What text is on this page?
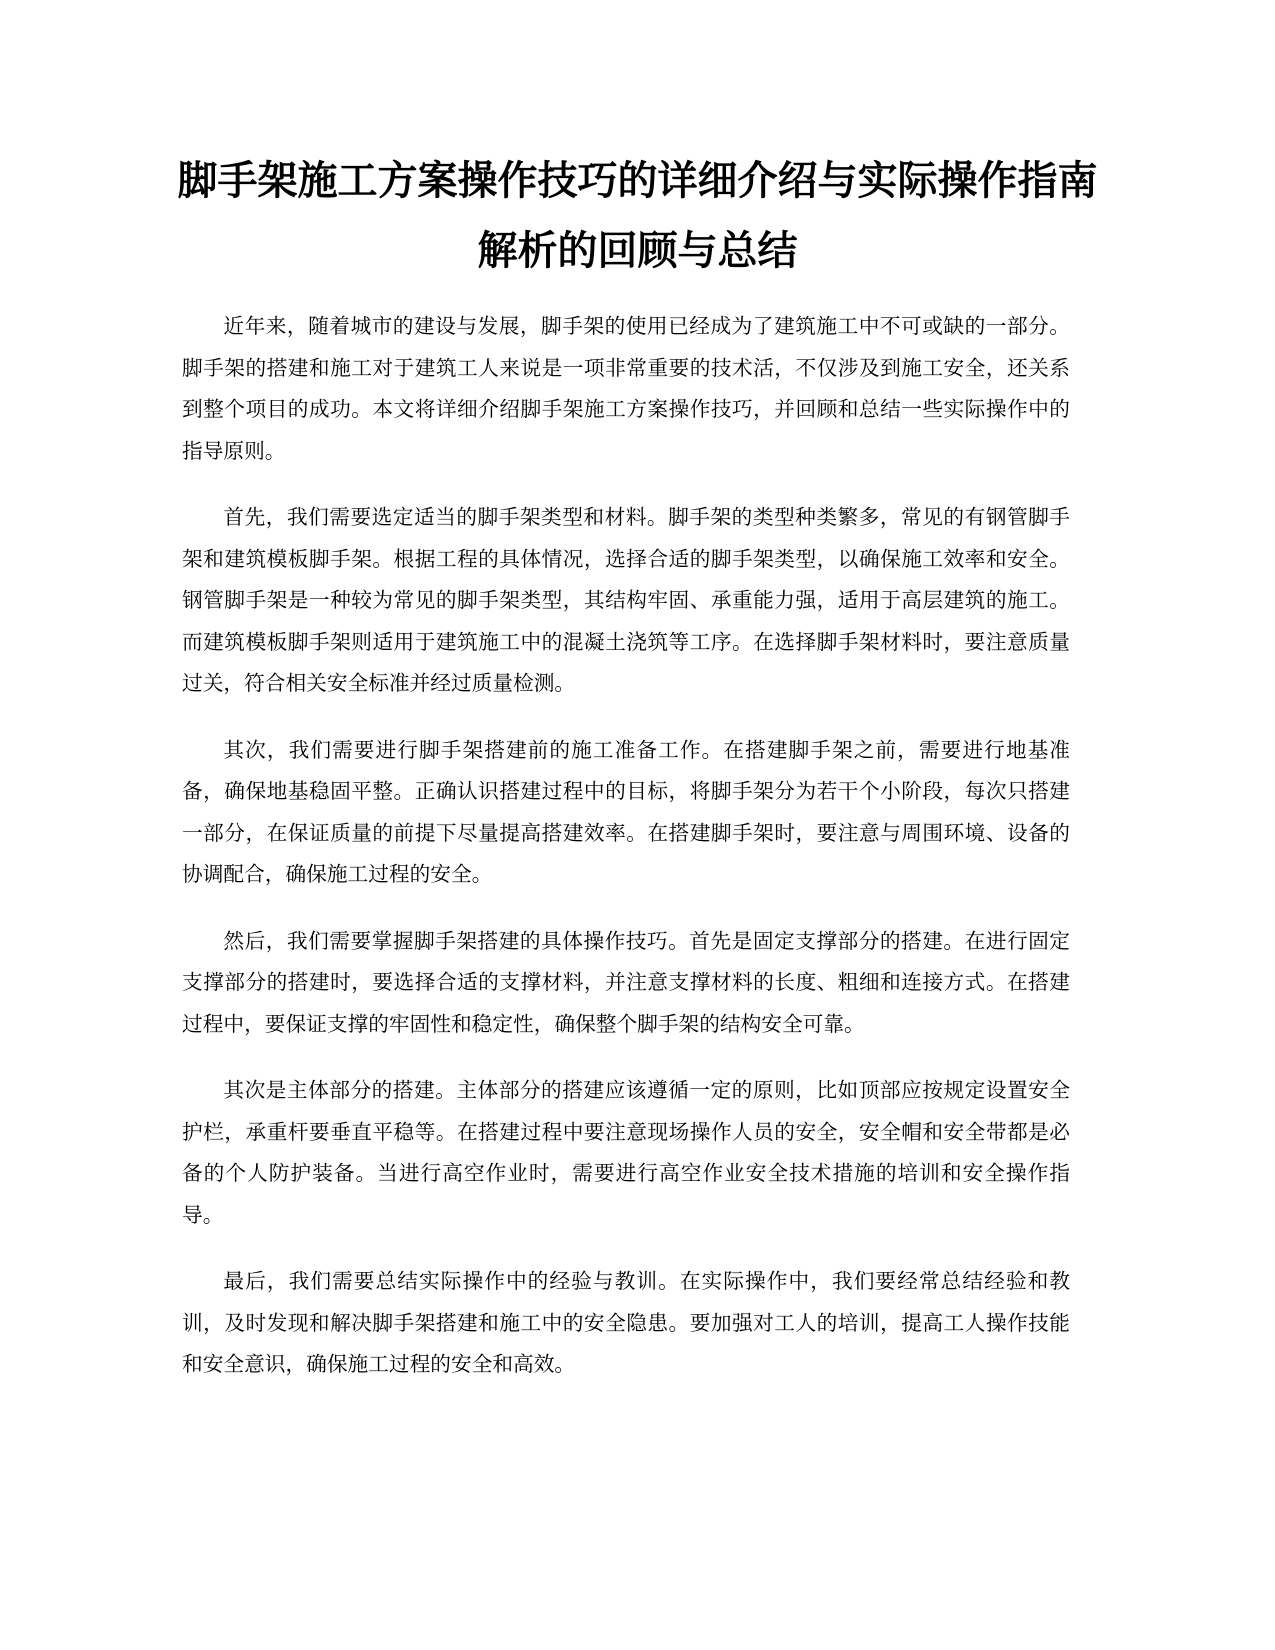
脚手架施工方案操作技巧的详细介绍与实际操作指南解析的回顾与总结

近年来，随着城市的建设与发展，脚手架的使用已经成为了建筑施工中不可或缺的一部分。脚手架的搭建和施工对于建筑工人来说是一项非常重要的技术活，不仅涉及到施工安全，还关系到整个项目的成功。本文将详细介绍脚手架施工方案操作技巧，并回顾和总结一些实际操作中的指导原则。

首先，我们需要选定适当的脚手架类型和材料。脚手架的类型种类繁多，常见的有钢管脚手架和建筑模板脚手架。根据工程的具体情况，选择合适的脚手架类型，以确保施工效率和安全。钢管脚手架是一种较为常见的脚手架类型，其结构牢固、承重能力强，适用于高层建筑的施工。而建筑模板脚手架则适用于建筑施工中的混凝土浇筑等工序。在选择脚手架材料时，要注意质量过关，符合相关安全标准并经过质量检测。

其次，我们需要进行脚手架搭建前的施工准备工作。在搭建脚手架之前，需要进行地基准备，确保地基稳固平整。正确认识搭建过程中的目标，将脚手架分为若干个小阶段，每次只搭建一部分，在保证质量的前提下尽量提高搭建效率。在搭建脚手架时，要注意与周围环境、设备的协调配合，确保施工过程的安全。

然后，我们需要掌握脚手架搭建的具体操作技巧。首先是固定支撑部分的搭建。在进行固定支撑部分的搭建时，要选择合适的支撑材料，并注意支撑材料的长度、粗细和连接方式。在搭建过程中，要保证支撑的牢固性和稳定性，确保整个脚手架的结构安全可靠。

其次是主体部分的搭建。主体部分的搭建应该遵循一定的原则，比如顶部应按规定设置安全护栏，承重杆要垂直平稳等。在搭建过程中要注意现场操作人员的安全，安全帽和安全带都是必备的个人防护装备。当进行高空作业时，需要进行高空作业安全技术措施的培训和安全操作指导。

最后，我们需要总结实际操作中的经验与教训。在实际操作中，我们要经常总结经验和教训，及时发现和解决脚手架搭建和施工中的安全隐患。要加强对工人的培训，提高工人操作技能和安全意识，确保施工过程的安全和高效。
